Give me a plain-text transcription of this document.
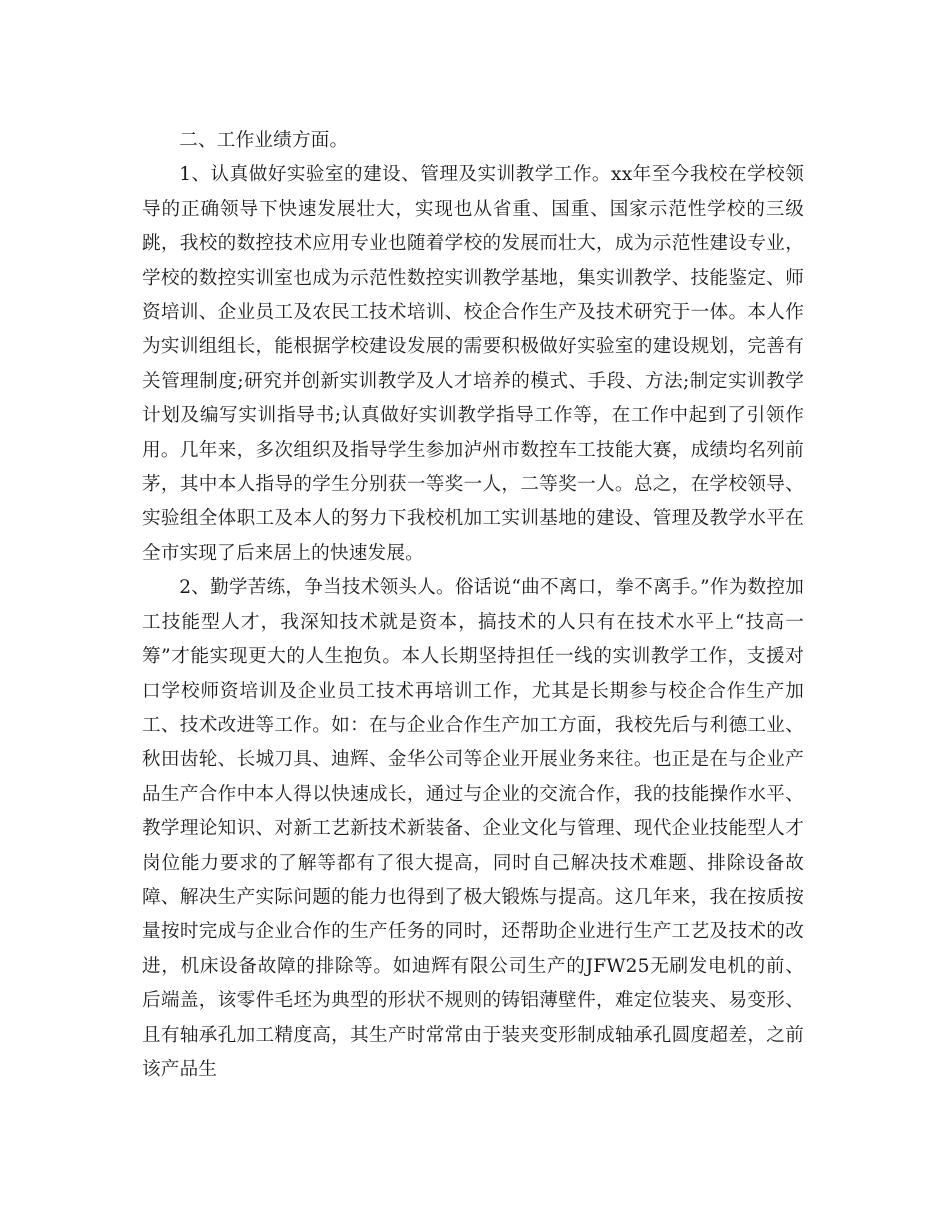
二、工作业绩方面。

1、认真做好实验室的建设、管理及实训教学工作。xx年至今我校在学校领导的正确领导下快速发展壮大，实现也从省重、国重、国家示范性学校的三级跳，我校的数控技术应用专业也随着学校的发展而壮大，成为示范性建设专业，学校的数控实训室也成为示范性数控实训教学基地，集实训教学、技能鉴定、师资培训、企业员工及农民工技术培训、校企合作生产及技术研究于一体。本人作为实训组组长，能根据学校建设发展的需要积极做好实验室的建设规划，完善有关管理制度;研究并创新实训教学及人才培养的模式、手段、方法;制定实训教学计划及编写实训指导书;认真做好实训教学指导工作等，在工作中起到了引领作用。几年来，多次组织及指导学生参加泸州市数控车工技能大赛，成绩均名列前茅，其中本人指导的学生分别获一等奖一人，二等奖一人。总之，在学校领导、实验组全体职工及本人的努力下我校机加工实训基地的建设、管理及教学水平在全市实现了后来居上的快速发展。

2、勤学苦练，争当技术领头人。俗话说“曲不离口，拳不离手。”作为数控加工技能型人才，我深知技术就是资本，搞技术的人只有在技术水平上“技高一筹”才能实现更大的人生抱负。本人长期坚持担任一线的实训教学工作，支援对口学校师资培训及企业员工技术再培训工作，尤其是长期参与校企合作生产加工、技术改进等工作。如：在与企业合作生产加工方面，我校先后与利德工业、秋田齿轮、长城刀具、迪辉、金华公司等企业开展业务来往。也正是在与企业产品生产合作中本人得以快速成长，通过与企业的交流合作，我的技能操作水平、教学理论知识、对新工艺新技术新装备、企业文化与管理、现代企业技能型人才岗位能力要求的了解等都有了很大提高，同时自己解决技术难题、排除设备故障、解决生产实际问题的能力也得到了极大锻炼与提高。这几年来，我在按质按量按时完成与企业合作的生产任务的同时，还帮助企业进行生产工艺及技术的改进，机床设备故障的排除等。如迪辉有限公司生产的JFW25无刷发电机的前、后端盖，该零件毛坯为典型的形状不规则的铸铝薄壁件，难定位装夹、易变形、且有轴承孔加工精度高，其生产时常常由于装夹变形制成轴承孔圆度超差，之前该产品生
